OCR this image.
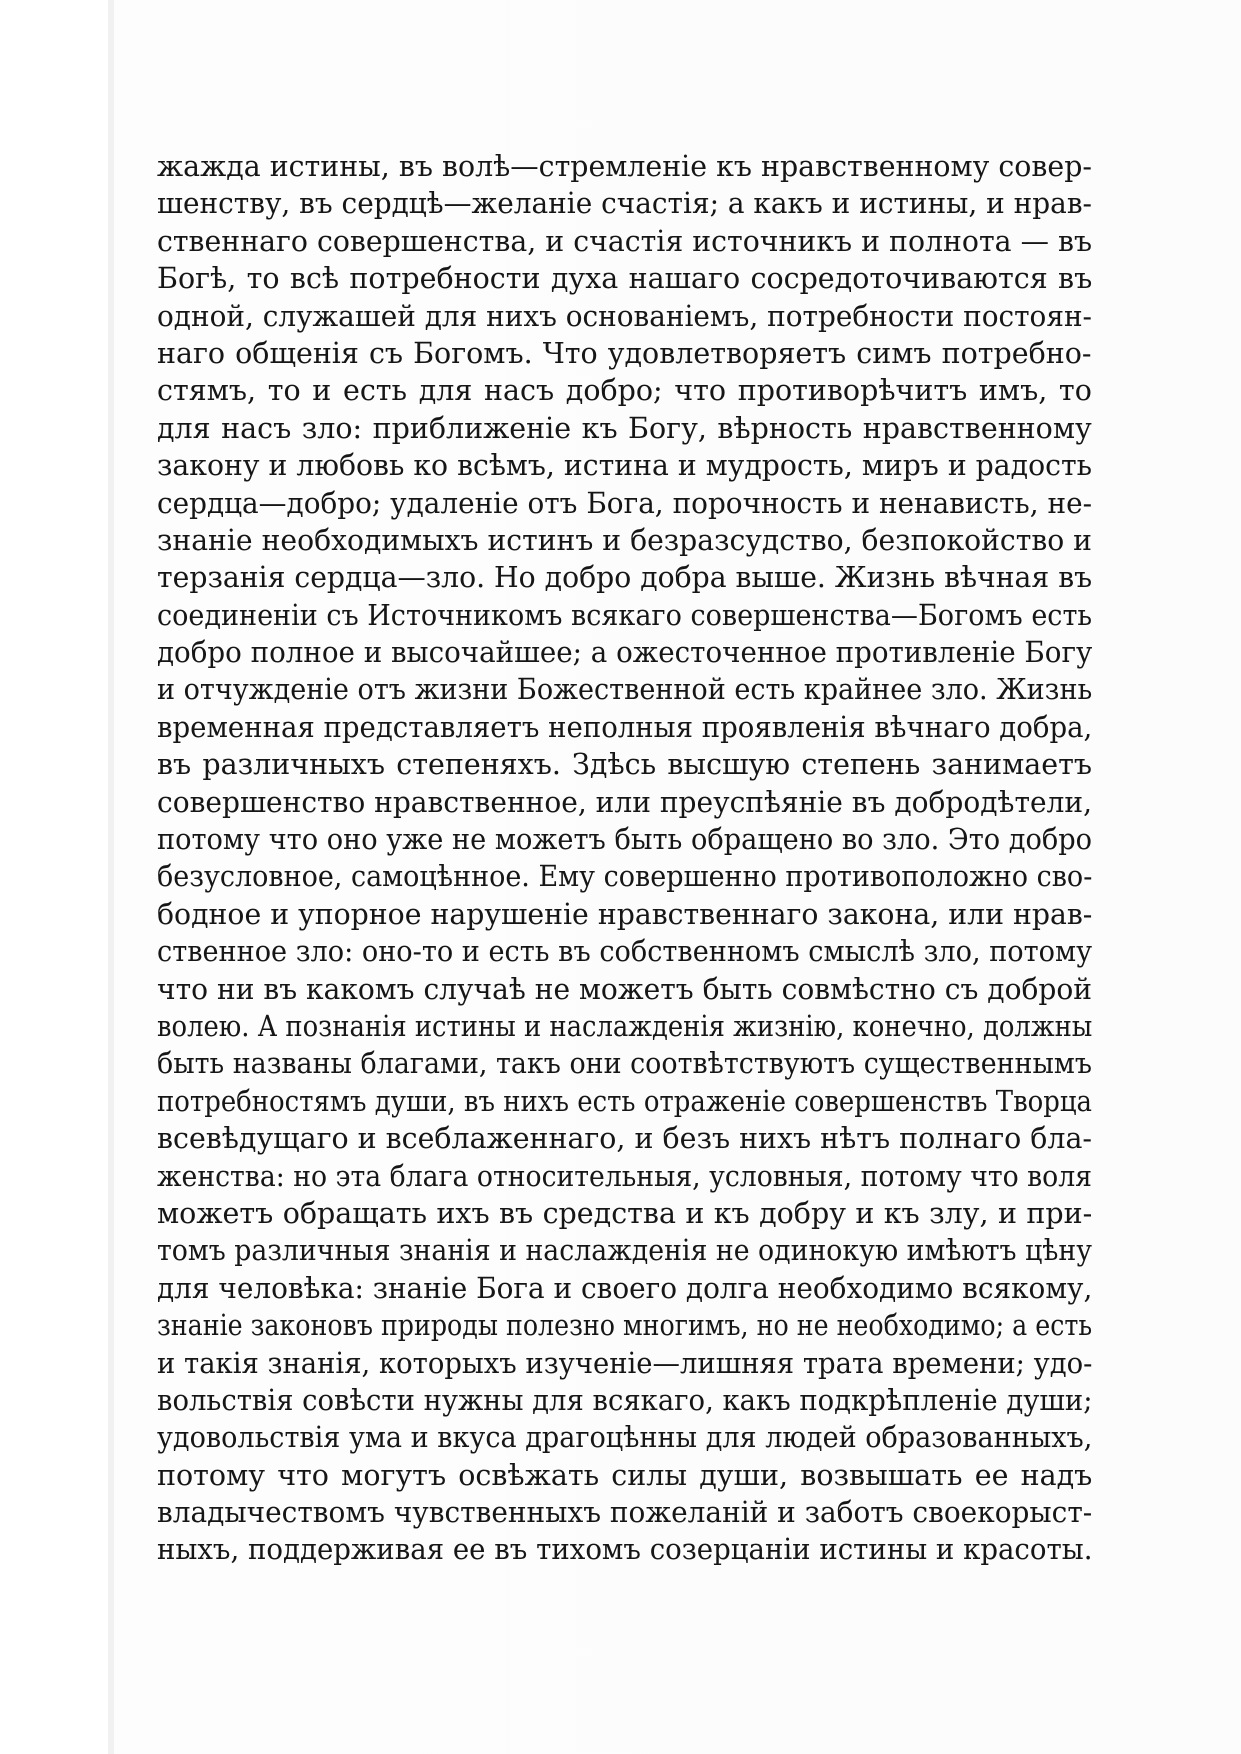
жажда истины, въ волѣ—стремленіе къ нравственному совер-
шенству, въ сердцѣ—желаніе счастія; а какъ и истины, и нрав-
ственнаго совершенства, и счастія источникъ и полнота — въ
Богѣ, то всѣ потребности духа нашаго сосредоточиваются въ
одной, служашей для нихъ основаніемъ, потребности постоян-
наго общенія съ Богомъ. Что удовлетворяетъ симъ потребно-
стямъ, то и есть для насъ добро; что противорѣчитъ имъ, то
для насъ зло: приближеніе къ Богу, вѣрность нравственному
закону и любовь ко всѣмъ, истина и мудрость, миръ и радость
сердца—добро; удаленіе отъ Бога, порочность и ненависть, не-
знаніе необходимыхъ истинъ и безразсудство, безпокойство и
терзанія сердца—зло. Но добро добра выше. Жизнь вѣчная въ
соединеніи съ Источникомъ всякаго совершенства—Богомъ есть
добро полное и высочайшее; а ожесточенное противленіе Богу
и отчужденіе отъ жизни Божественной есть крайнее зло. Жизнь
временная представляетъ неполныя проявленія вѣчнаго добра,
въ различныхъ степеняхъ. Здѣсь высшую степень занимаетъ
совершенство нравственное, или преуспѣяніе въ добродѣтели,
потому что оно уже не можетъ быть обращено во зло. Это добро
безусловное, самоцѣнное. Ему совершенно противоположно сво-
бодное и упорное нарушеніе нравственнаго закона, или нрав-
ственное зло: оно-то и есть въ собственномъ смыслѣ зло, потому
что ни въ какомъ случаѣ не можетъ быть совмѣстно съ доброй
волею. А познанія истины и наслажденія жизнію, конечно, должны
быть названы благами, такъ они соотвѣтствуютъ существеннымъ
потребностямъ души, въ нихъ есть отраженіе совершенствъ Творца
всевѣдущаго и всеблаженнаго, и безъ нихъ нѣтъ полнаго бла-
женства: но эта блага относительныя, условныя, потому что воля
можетъ обращать ихъ въ средства и къ добру и къ злу, и при-
томъ различныя знанія и наслажденія не одинокую имѣютъ цѣну
для человѣка: знаніе Бога и своего долга необходимо всякому,
знаніе законовъ природы полезно многимъ, но не необходимо; а есть
и такія знанія, которыхъ изученіе—лишняя трата времени; удо-
вольствія совѣсти нужны для всякаго, какъ подкрѣпленіе души;
удовольствія ума и вкуса драгоцѣнны для людей образованныхъ,
потому что могутъ освѣжать силы души, возвышать ее надъ
владычествомъ чувственныхъ пожеланій и заботъ своекорыст-
ныхъ, поддерживая ее въ тихомъ созерцаніи истины и красоты.
